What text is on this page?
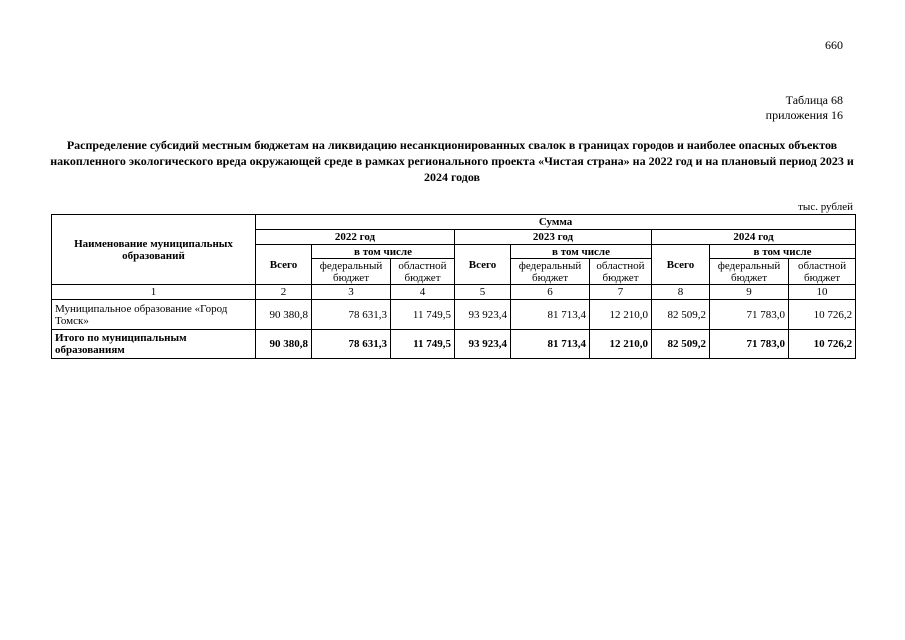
660
Таблица 68
приложения 16
Распределение субсидий местным бюджетам на ликвидацию несанкционированных свалок в границах городов и наиболее опасных объектов накопленного экологического вреда окружающей среде в рамках регионального проекта «Чистая страна» на 2022 год и на плановый период 2023 и 2024 годов
тыс. рублей
Наименование муниципальных образований	Сумма								
	2022 год			2023 год			2024 год		
	Всего	в том числе		Всего	в том числе		Всего	в том числе	
		федеральный бюджет	областной бюджет		федеральный бюджет	областной бюджет		федеральный бюджет	областной бюджет
1	2	3	4	5	6	7	8	9	10
Муниципальное образование «Город Томск»	90 380,8	78 631,3	11 749,5	93 923,4	81 713,4	12 210,0	82 509,2	71 783,0	10 726,2
Итого по муниципальным образованиям	90 380,8	78 631,3	11 749,5	93 923,4	81 713,4	12 210,0	82 509,2	71 783,0	10 726,2
